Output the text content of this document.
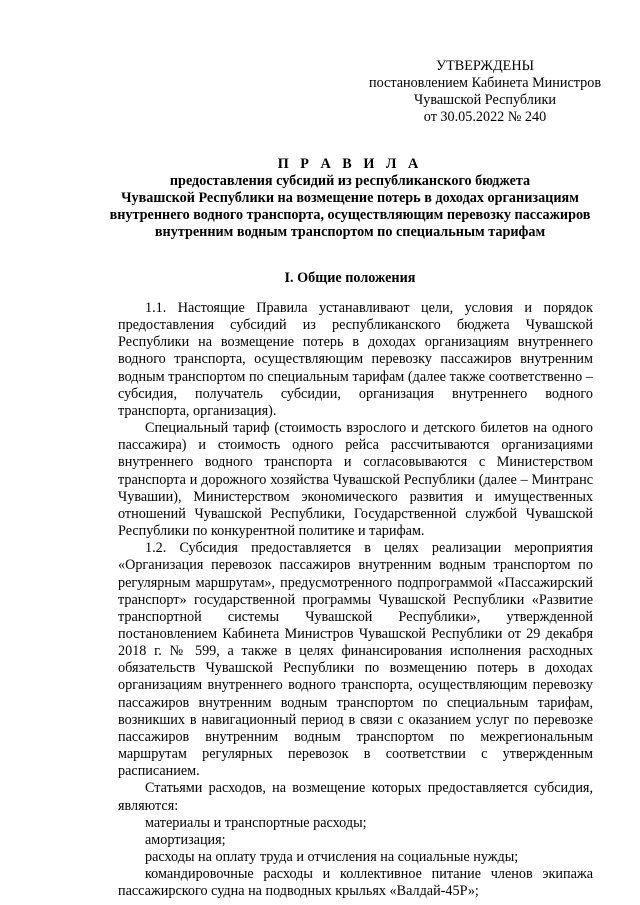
УТВЕРЖДЕНЫ
постановлением Кабинета Министров
Чувашской Республики
от 30.05.2022 № 240
П Р А В И Л А
предоставления субсидий из республиканского бюджета
Чувашской Республики на возмещение потерь в доходах организациям
внутреннего водного транспорта, осуществляющим перевозку пассажиров
внутренним водным транспортом по специальным тарифам
I. Общие положения
1.1. Настоящие Правила устанавливают цели, условия и порядок предоставления субсидий из республиканского бюджета Чувашской Республики на возмещение потерь в доходах организациям внутреннего водного транспорта, осуществляющим перевозку пассажиров внутренним водным транспортом по специальным тарифам (далее также соответственно – субсидия, получатель субсидии, организация внутреннего водного транспорта, организация).
Специальный тариф (стоимость взрослого и детского билетов на одного пассажира) и стоимость одного рейса рассчитываются организациями внутреннего водного транспорта и согласовываются с Министерством транспорта и дорожного хозяйства Чувашской Республики (далее – Минтранс Чувашии), Министерством экономического развития и имущественных отношений Чувашской Республики, Государственной службой Чувашской Республики по конкурентной политике и тарифам.
1.2. Субсидия предоставляется в целях реализации мероприятия «Организация перевозок пассажиров внутренним водным транспортом по регулярным маршрутам», предусмотренного подпрограммой «Пассажирский транспорт» государственной программы Чувашской Республики «Развитие транспортной системы Чувашской Республики», утвержденной постановлением Кабинета Министров Чувашской Республики от 29 декабря 2018 г. № 599, а также в целях финансирования исполнения расходных обязательств Чувашской Республики по возмещению потерь в доходах организациям внутреннего водного транспорта, осуществляющим перевозку пассажиров внутренним водным транспортом по специальным тарифам, возникших в навигационный период в связи с оказанием услуг по перевозке пассажиров внутренним водным транспортом по межрегиональным маршрутам регулярных перевозок в соответствии с утвержденным расписанием.
Статьями расходов, на возмещение которых предоставляется субсидия, являются:
материалы и транспортные расходы;
амортизация;
расходы на оплату труда и отчисления на социальные нужды;
командировочные расходы и коллективное питание членов экипажа пассажирского судна на подводных крыльях «Валдай-45Р»;
